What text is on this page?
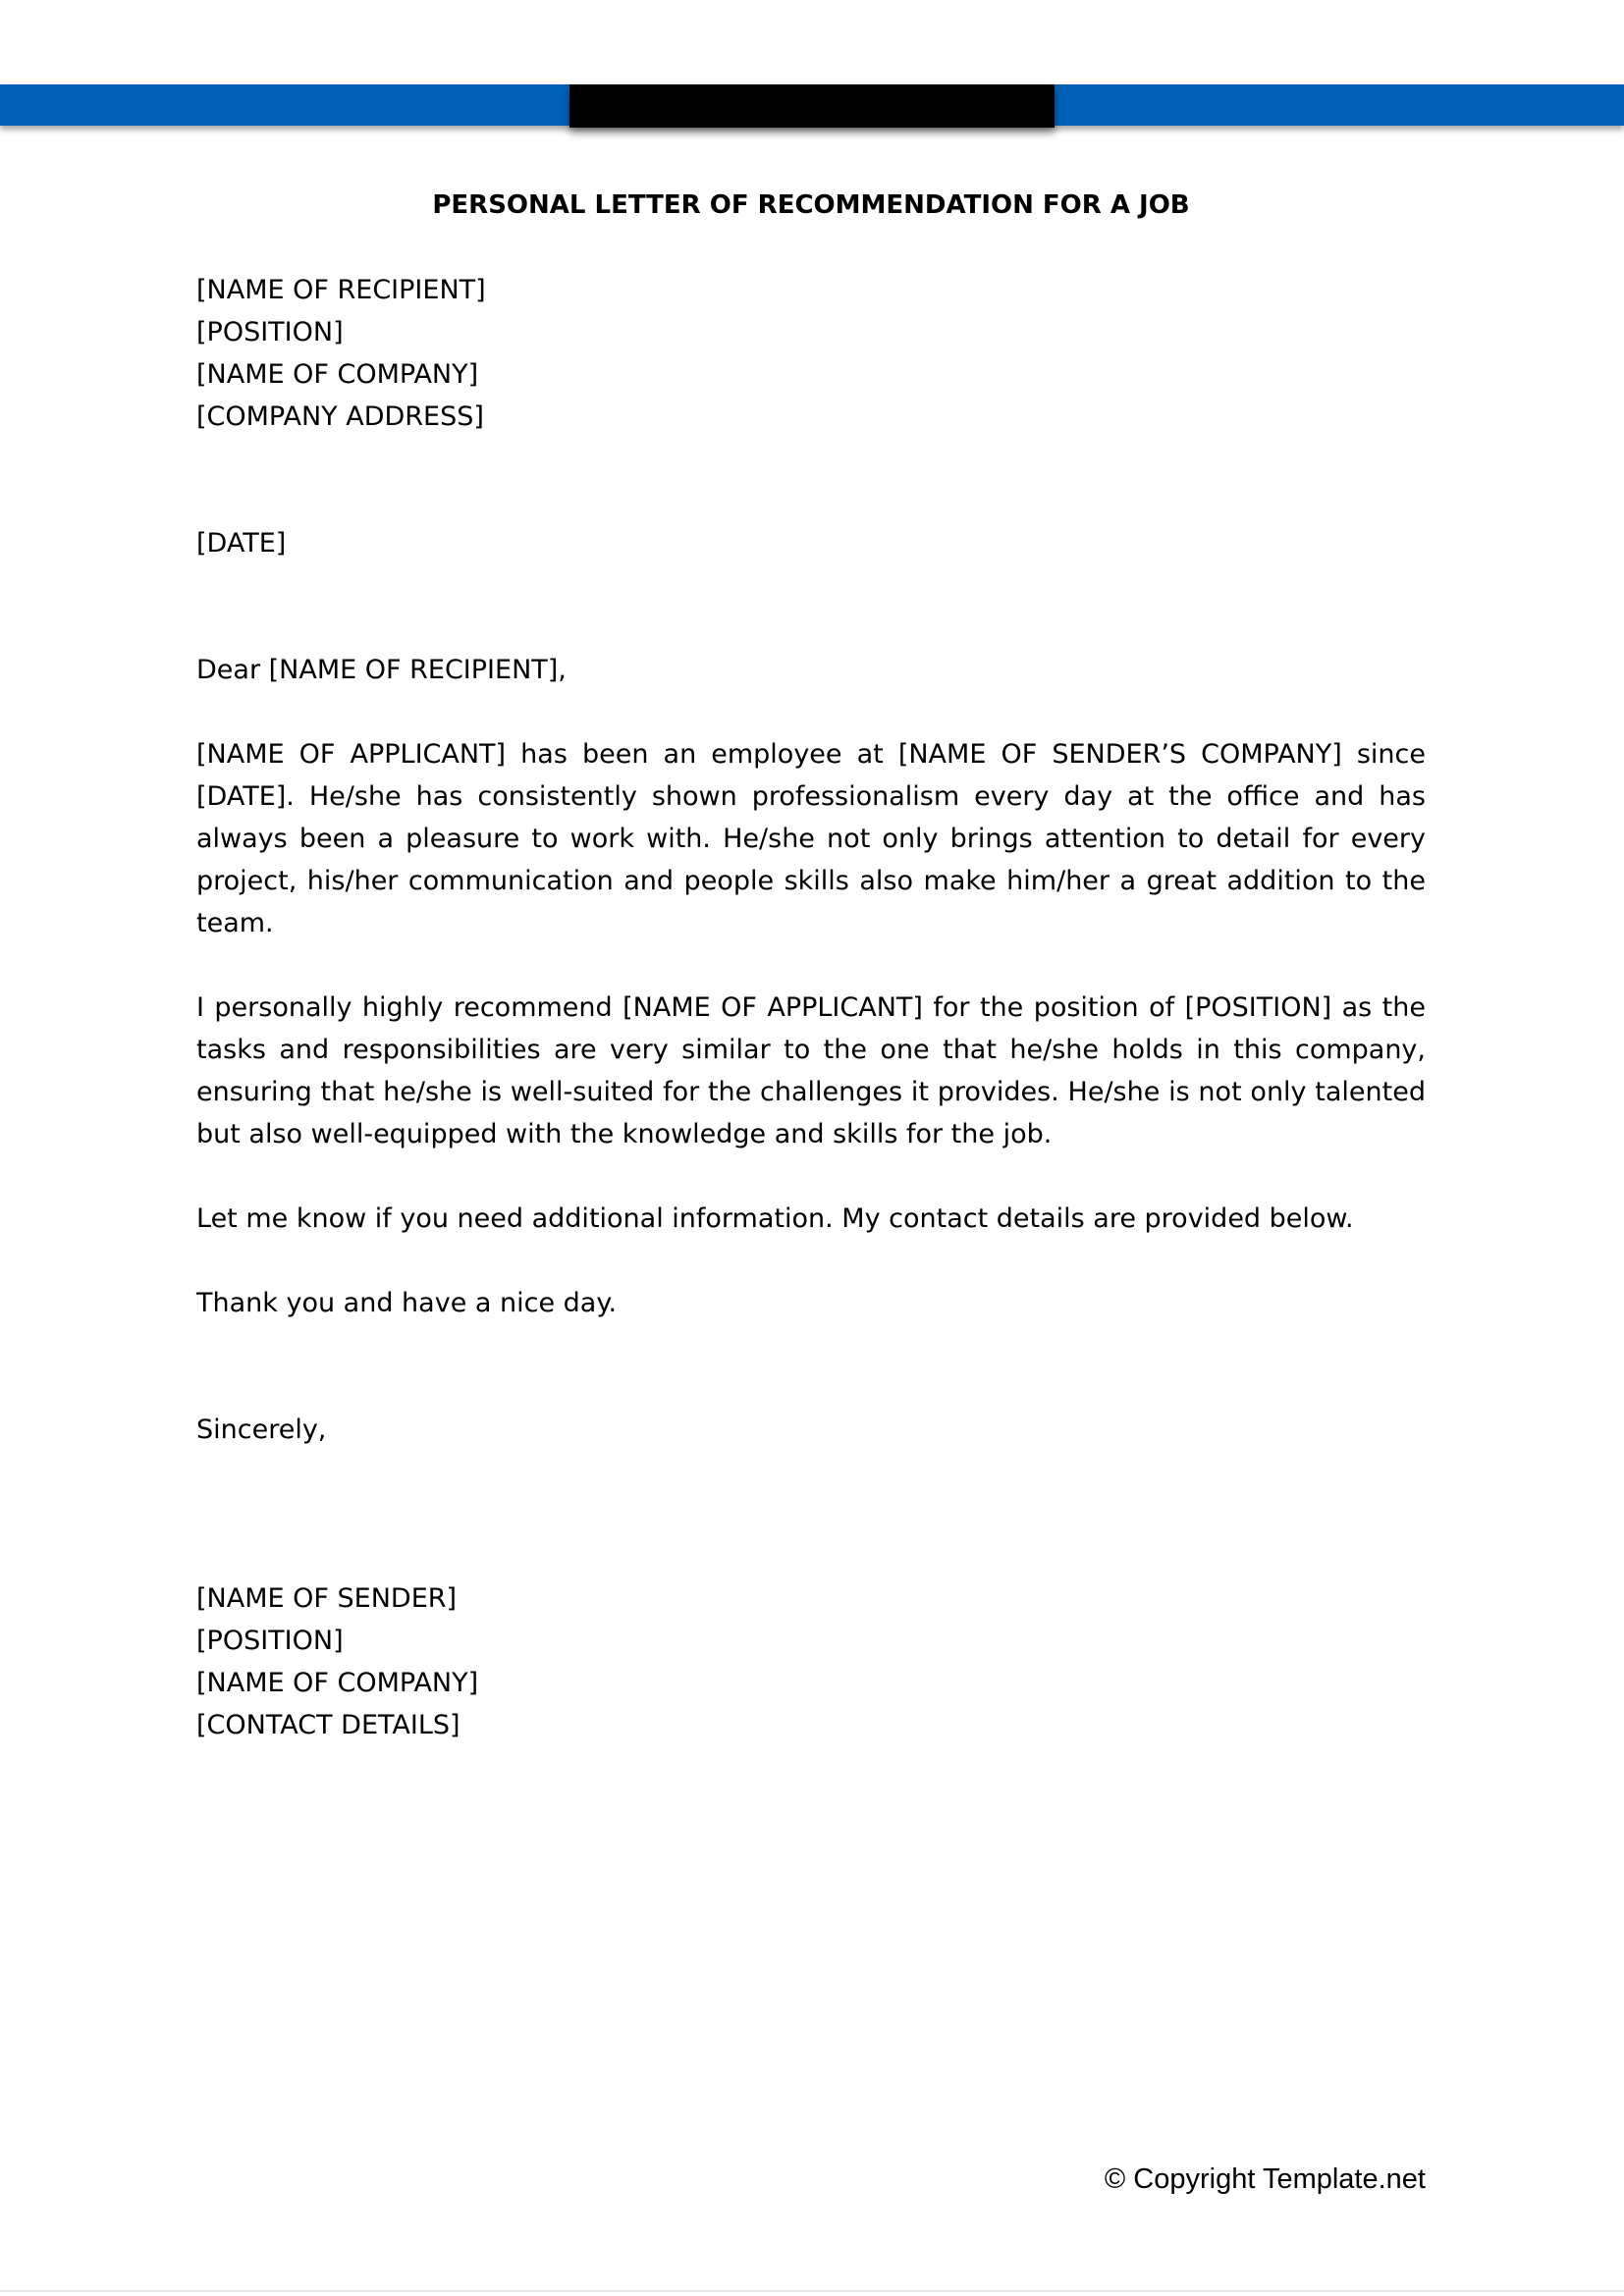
PERSONAL LETTER OF RECOMMENDATION FOR A JOB
[NAME OF RECIPIENT]
[POSITION]
[NAME OF COMPANY]
[COMPANY ADDRESS]

[DATE]

Dear [NAME OF RECIPIENT],

[NAME OF APPLICANT] has been an employee at [NAME OF SENDER’S COMPANY] since [DATE]. He/she has consistently shown professionalism every day at the office and has always been a pleasure to work with. He/she not only brings attention to detail for every project, his/her communication and people skills also make him/her a great addition to the team.

I personally highly recommend [NAME OF APPLICANT] for the position of [POSITION] as the tasks and responsibilities are very similar to the one that he/she holds in this company, ensuring that he/she is well-suited for the challenges it provides. He/she is not only talented but also well-equipped with the knowledge and skills for the job.

Let me know if you need additional information. My contact details are provided below.

Thank you and have a nice day.

Sincerely,

[NAME OF SENDER]
[POSITION]
[NAME OF COMPANY]
[CONTACT DETAILS]
© Copyright Template.net
